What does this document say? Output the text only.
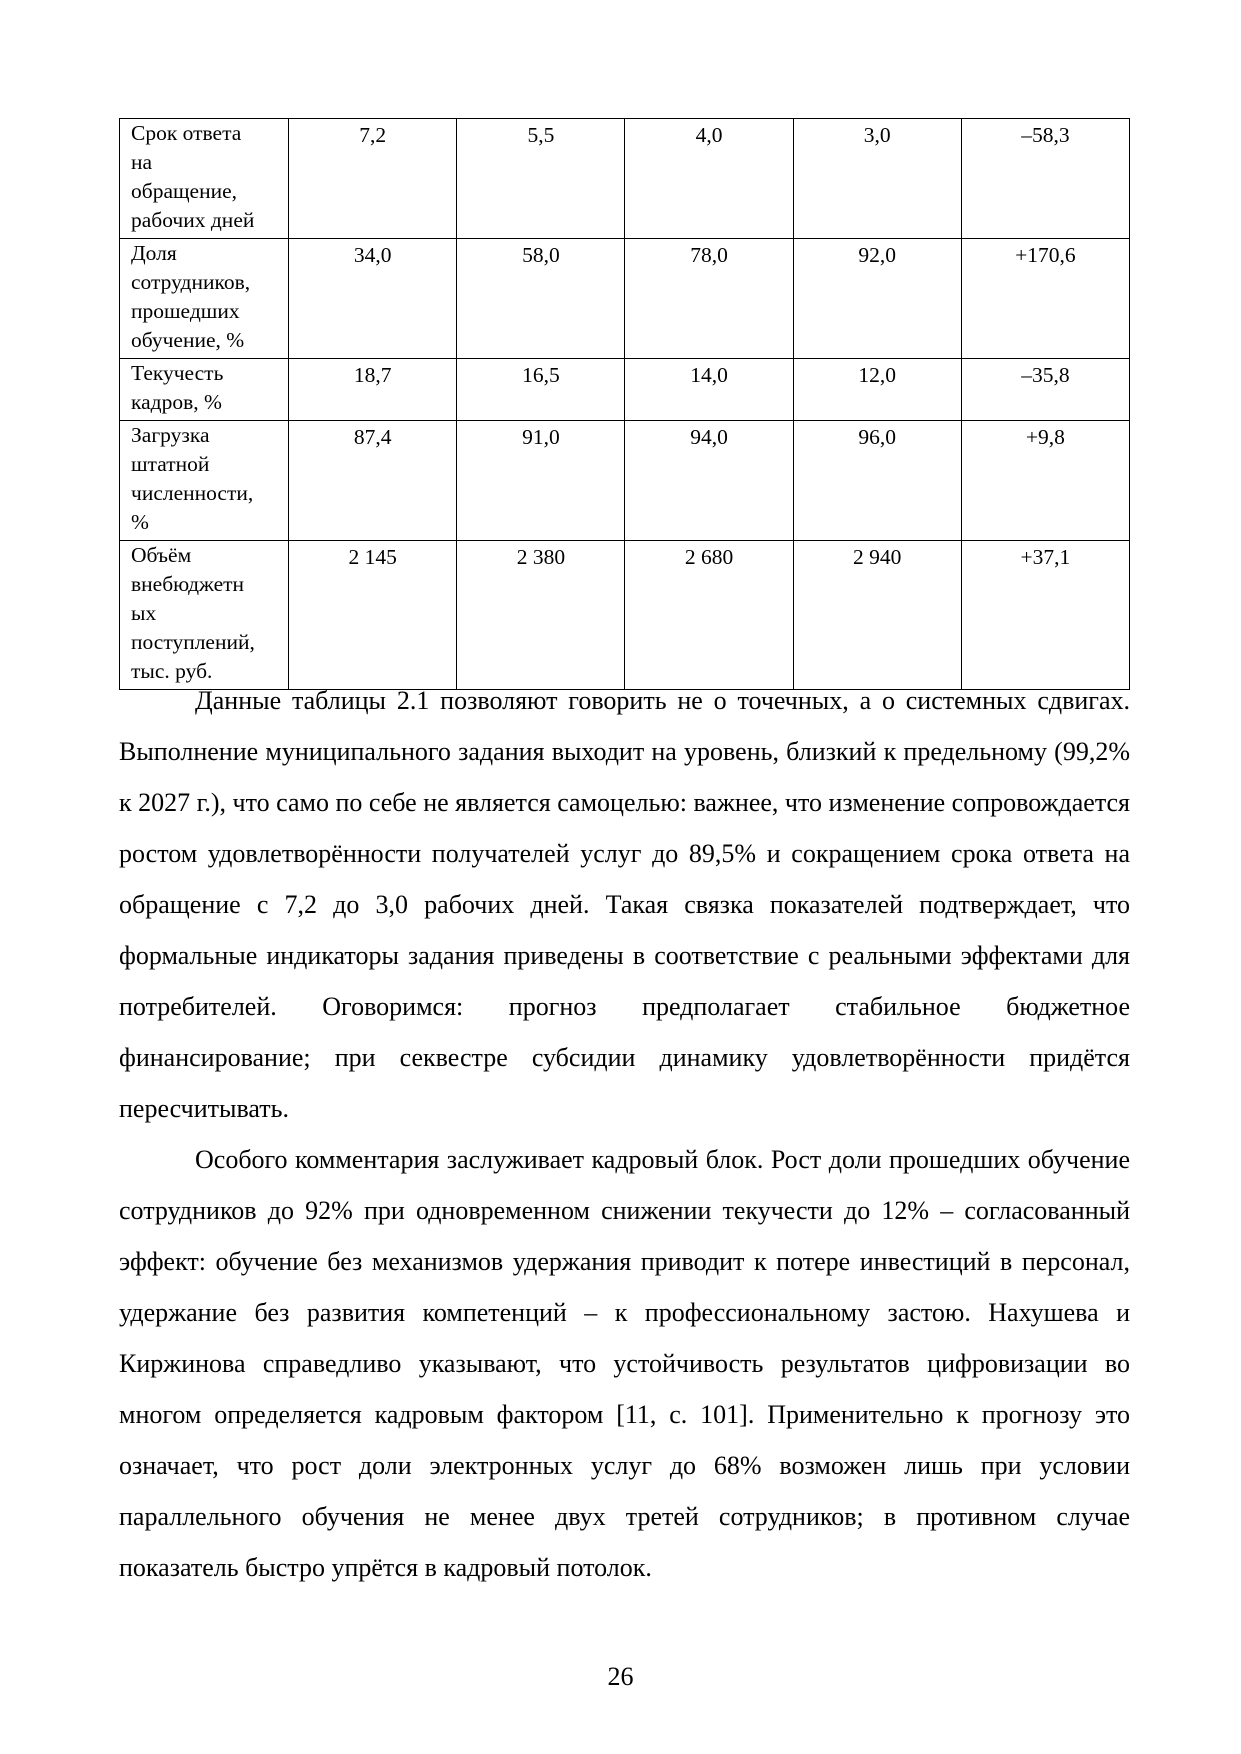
Срок ответа
на
обращение,
рабочих дней	7,2	5,5	4,0	3,0	–58,3
Доля
сотрудников,
прошедших
обучение, %	34,0	58,0	78,0	92,0	+170,6
Текучесть
кадров, %	18,7	16,5	14,0	12,0	–35,8
Загрузка
штатной
численности,
%	87,4	91,0	94,0	96,0	+9,8
Объём
внебюджетн
ых
поступлений,
тыс. руб.	2 145	2 380	2 680	2 940	+37,1

Данные таблицы 2.1 позволяют говорить не о точечных, а о системных сдвигах. Выполнение муниципального задания выходит на уровень, близкий к предельному (99,2% к 2027 г.), что само по себе не является самоцелью: важнее, что изменение сопровождается ростом удовлетворённости получателей услуг до 89,5% и сокращением срока ответа на обращение с 7,2 до 3,0 рабочих дней. Такая связка показателей подтверждает, что формальные индикаторы задания приведены в соответствие с реальными эффектами для потребителей. Оговоримся: прогноз предполагает стабильное бюджетное финансирование; при секвестре субсидии динамику удовлетворённости придётся пересчитывать.

Особого комментария заслуживает кадровый блок. Рост доли прошедших обучение сотрудников до 92% при одновременном снижении текучести до 12% – согласованный эффект: обучение без механизмов удержания приводит к потере инвестиций в персонал, удержание без развития компетенций – к профессиональному застою. Нахушева и Киржинова справедливо указывают, что устойчивость результатов цифровизации во многом определяется кадровым фактором [11, с. 101]. Применительно к прогнозу это означает, что рост доли электронных услуг до 68% возможен лишь при условии параллельного обучения не менее двух третей сотрудников; в противном случае показатель быстро упрётся в кадровый потолок.

26
